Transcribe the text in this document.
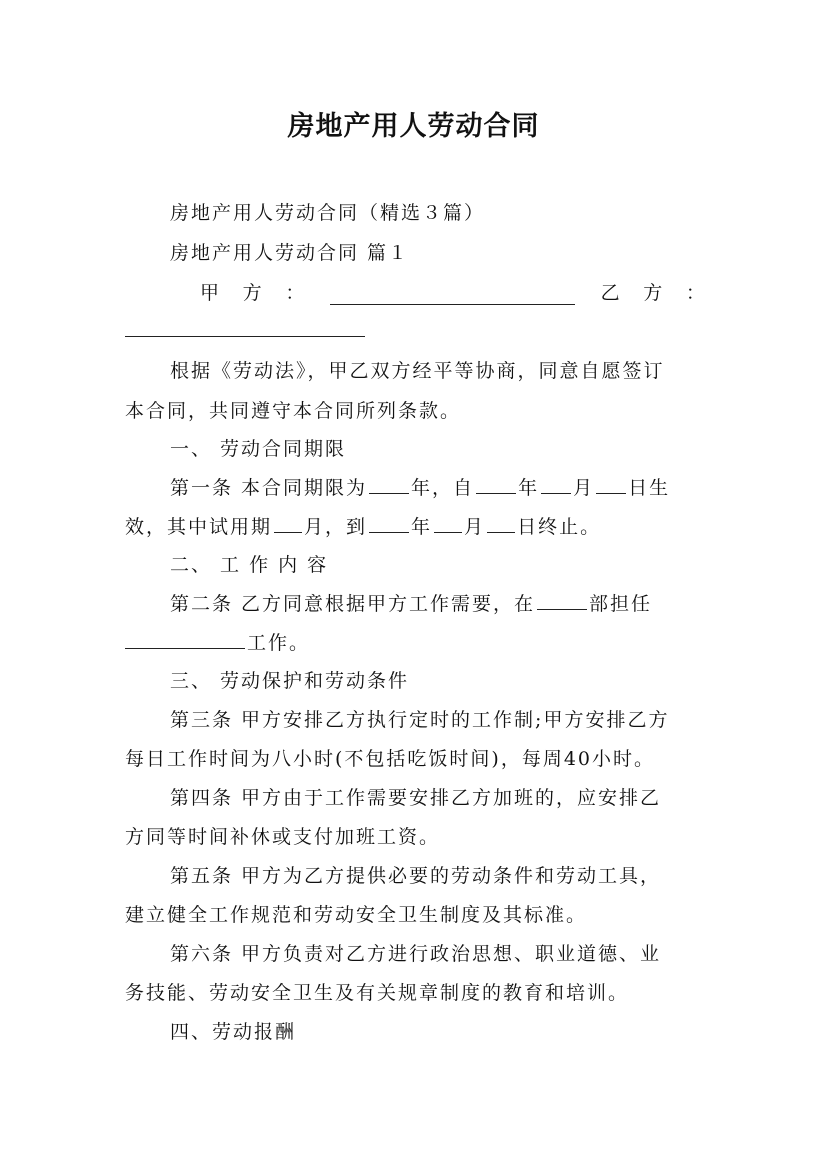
房地产用人劳动合同
房地产用人劳动合同（精选３篇）
房地产用人劳动合同 篇１
甲 方 ：	乙 方 ：
根据《劳动法》，甲乙双方经平等协商，同意自愿签订
本合同，共同遵守本合同所列条款。
一、 劳动合同期限
第一条 本合同期限为 年，自 年 月 日生
效，其中试用期 月，到 年 月 日终止。
二、 工 作 内 容
第二条 乙方同意根据甲方工作需要，在	部担任
工作。
三、 劳动保护和劳动条件
第三条 甲方安排乙方执行定时的工作制;甲方安排乙方
每日工作时间为八小时(不包括吃饭时间)，每周40小时。
第四条 甲方由于工作需要安排乙方加班的，应安排乙
方同等时间补休或支付加班工资。
第五条 甲方为乙方提供必要的劳动条件和劳动工具，
建立健全工作规范和劳动安全卫生制度及其标准。
第六条 甲方负责对乙方进行政治思想、职业道德、业
务技能、劳动安全卫生及有关规章制度的教育和培训。
四、劳动报酬
